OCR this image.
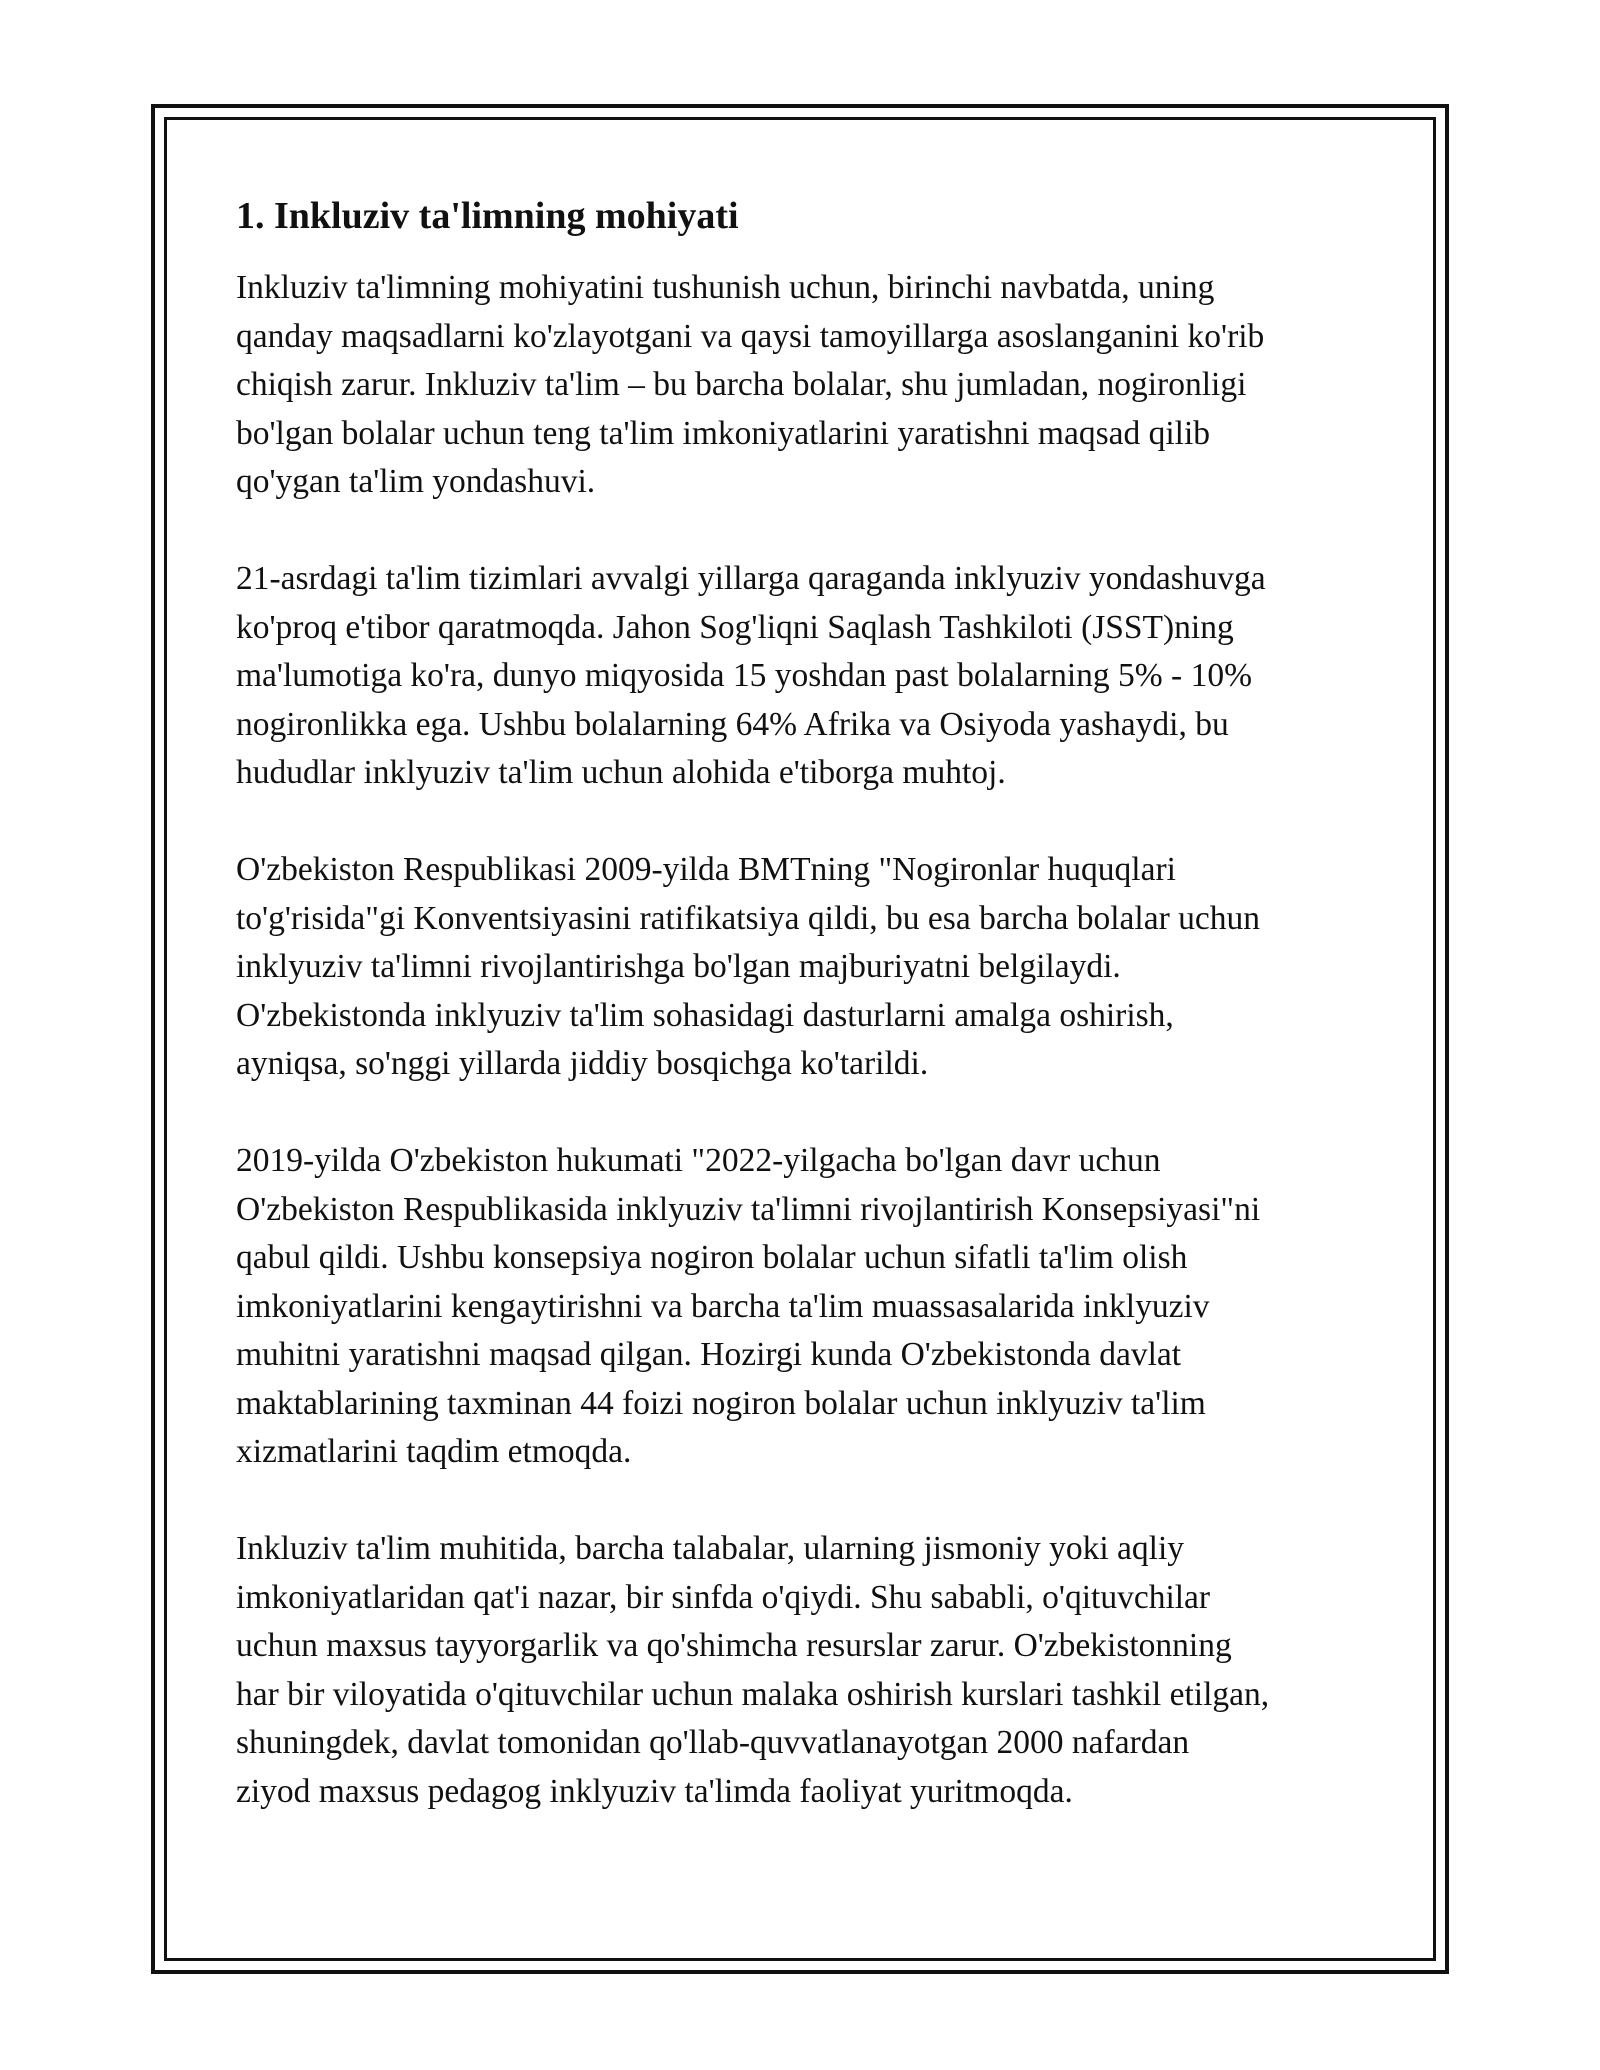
1. Inkluziv ta'limning mohiyati

Inkluziv ta'limning mohiyatini tushunish uchun, birinchi navbatda, uning
qanday maqsadlarni ko'zlayotgani va qaysi tamoyillarga asoslanganini ko'rib
chiqish zarur. Inkluziv ta'lim – bu barcha bolalar, shu jumladan, nogironligi
bo'lgan bolalar uchun teng ta'lim imkoniyatlarini yaratishni maqsad qilib
qo'ygan ta'lim yondashuvi.

21-asrdagi ta'lim tizimlari avvalgi yillarga qaraganda inklyuziv yondashuvga
ko'proq e'tibor qaratmoqda. Jahon Sog'liqni Saqlash Tashkiloti (JSST)ning
ma'lumotiga ko'ra, dunyo miqyosida 15 yoshdan past bolalarning 5% - 10%
nogironlikka ega. Ushbu bolalarning 64% Afrika va Osiyoda yashaydi, bu
hududlar inklyuziv ta'lim uchun alohida e'tiborga muhtoj.

O'zbekiston Respublikasi 2009-yilda BMTning "Nogironlar huquqlari
to'g'risida"gi Konventsiyasini ratifikatsiya qildi, bu esa barcha bolalar uchun
inklyuziv ta'limni rivojlantirishga bo'lgan majburiyatni belgilaydi.
O'zbekistonda inklyuziv ta'lim sohasidagi dasturlarni amalga oshirish,
ayniqsa, so'nggi yillarda jiddiy bosqichga ko'tarildi.

2019-yilda O'zbekiston hukumati "2022-yilgacha bo'lgan davr uchun
O'zbekiston Respublikasida inklyuziv ta'limni rivojlantirish Konsepsiyasi"ni
qabul qildi. Ushbu konsepsiya nogiron bolalar uchun sifatli ta'lim olish
imkoniyatlarini kengaytirishni va barcha ta'lim muassasalarida inklyuziv
muhitni yaratishni maqsad qilgan. Hozirgi kunda O'zbekistonda davlat
maktablarining taxminan 44 foizi nogiron bolalar uchun inklyuziv ta'lim
xizmatlarini taqdim etmoqda.

Inkluziv ta'lim muhitida, barcha talabalar, ularning jismoniy yoki aqliy
imkoniyatlaridan qat'i nazar, bir sinfda o'qiydi. Shu sababli, o'qituvchilar
uchun maxsus tayyorgarlik va qo'shimcha resurslar zarur. O'zbekistonning
har bir viloyatida o'qituvchilar uchun malaka oshirish kurslari tashkil etilgan,
shuningdek, davlat tomonidan qo'llab-quvvatlanayotgan 2000 nafardan
ziyod maxsus pedagog inklyuziv ta'limda faoliyat yuritmoqda.
